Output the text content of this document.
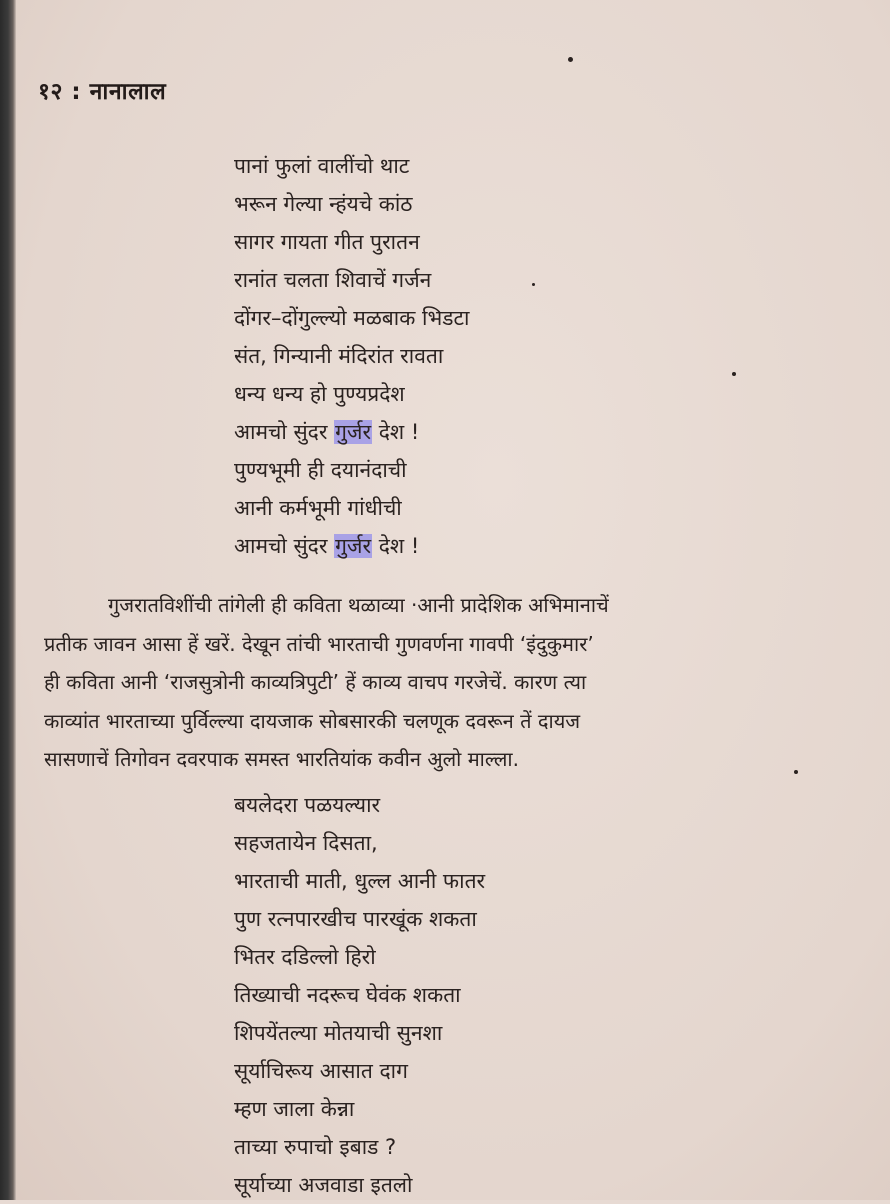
१२ : नानालाल
पानां फुलां वालींचो थाट
भरून गेल्या न्हंयचे कांठ
सागर गायता गीत पुरातन
रानांत चलता शिवाचें गर्जन
दोंगर–दोंगुल्ल्यो मळबाक भिडटा
संत, गिन्यानी मंदिरांत रावता
धन्य धन्य हो पुण्यप्रदेश
आमचो सुंदर गुर्जर देश !
पुण्यभूमी ही दयानंदाची
आनी कर्मभूमी गांधीची
आमचो सुंदर गुर्जर देश !
गुजरातविशींची तांगेली ही कविता थळाव्या ·आनी प्रादेशिक अभिमानाचें
प्रतीक जावन आसा हें खरें. देखून तांची भारताची गुणवर्णना गावपी ‘इंदुकुमार’
ही कविता आनी ‘राजसुत्रोनी काव्यत्रिपुटी’ हें काव्य वाचप गरजेचें. कारण त्या
काव्यांत भारताच्या पुर्विल्ल्या दायजाक सोबसारकी चलणूक दवरून तें दायज
सासणाचें तिगोवन दवरपाक समस्त भारतियांक कवीन अुलो माल्ला.
बयलेदरा पळयल्यार
सहजतायेन दिसता,
भारताची माती, धुल्ल आनी फातर
पुण रत्नपारखीच पारखूंक शकता
भितर दडिल्लो हिरो
तिख्याची नदरूच घेवंक शकता
शिपयेंतल्या मोतयाची सुनशा
सूर्याचिरूय आसात दाग
म्हण जाला केन्ना
ताच्या रुपाचो इबाड ?
सूर्याच्या अजवाडा इतलो
